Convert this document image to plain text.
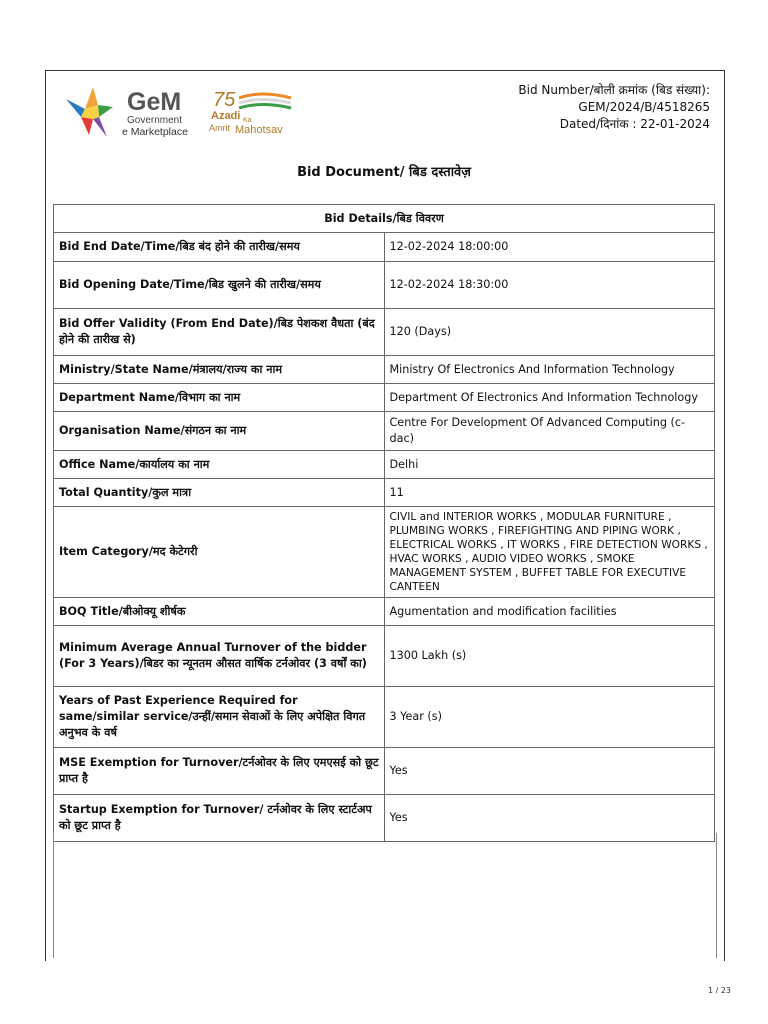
GeM
Government
e Marketplace
75
Azadi Ka
Amrit Mahotsav
Bid Number/बोली क्रमांक (बिड संख्या):
GEM/2024/B/4518265
Dated/दिनांक : 22-01-2024
Bid Document/ बिड दस्तावेज़
Bid Details/बिड विवरण	
Bid End Date/Time/बिड बंद होने की तारीख/समय	12-02-2024 18:00:00
Bid Opening Date/Time/बिड खुलने की तारीख/समय	12-02-2024 18:30:00
Bid Offer Validity (From End Date)/बिड पेशकश वैधता (बंद होने की तारीख से)	120 (Days)
Ministry/State Name/मंत्रालय/राज्य का नाम	Ministry Of Electronics And Information Technology
Department Name/विभाग का नाम	Department Of Electronics And Information Technology
Organisation Name/संगठन का नाम	Centre For Development Of Advanced Computing (c-dac)
Office Name/कार्यालय का नाम	Delhi
Total Quantity/कुल मात्रा	11
Item Category/मद केटेगरी	CIVIL and INTERIOR WORKS , MODULAR FURNITURE , PLUMBING WORKS , FIREFIGHTING AND PIPING WORK , ELECTRICAL WORKS , IT WORKS , FIRE DETECTION WORKS , HVAC WORKS , AUDIO VIDEO WORKS , SMOKE MANAGEMENT SYSTEM , BUFFET TABLE FOR EXECUTIVE CANTEEN
BOQ Title/बीओक्यू शीर्षक	Agumentation and modification facilities
Minimum Average Annual Turnover of the bidder (For 3 Years)/बिडर का न्यूनतम औसत वार्षिक टर्नओवर (3 वर्षों का)	1300 Lakh (s)
Years of Past Experience Required for same/similar service/उन्हीं/समान सेवाओं के लिए अपेक्षित विगत अनुभव के वर्ष	3 Year (s)
MSE Exemption for Turnover/टर्नओवर के लिए एमएसई को छूट प्राप्त है	Yes
Startup Exemption for Turnover/ टर्नओवर के लिए स्टार्टअप को छूट प्राप्त है	Yes
1 / 23
